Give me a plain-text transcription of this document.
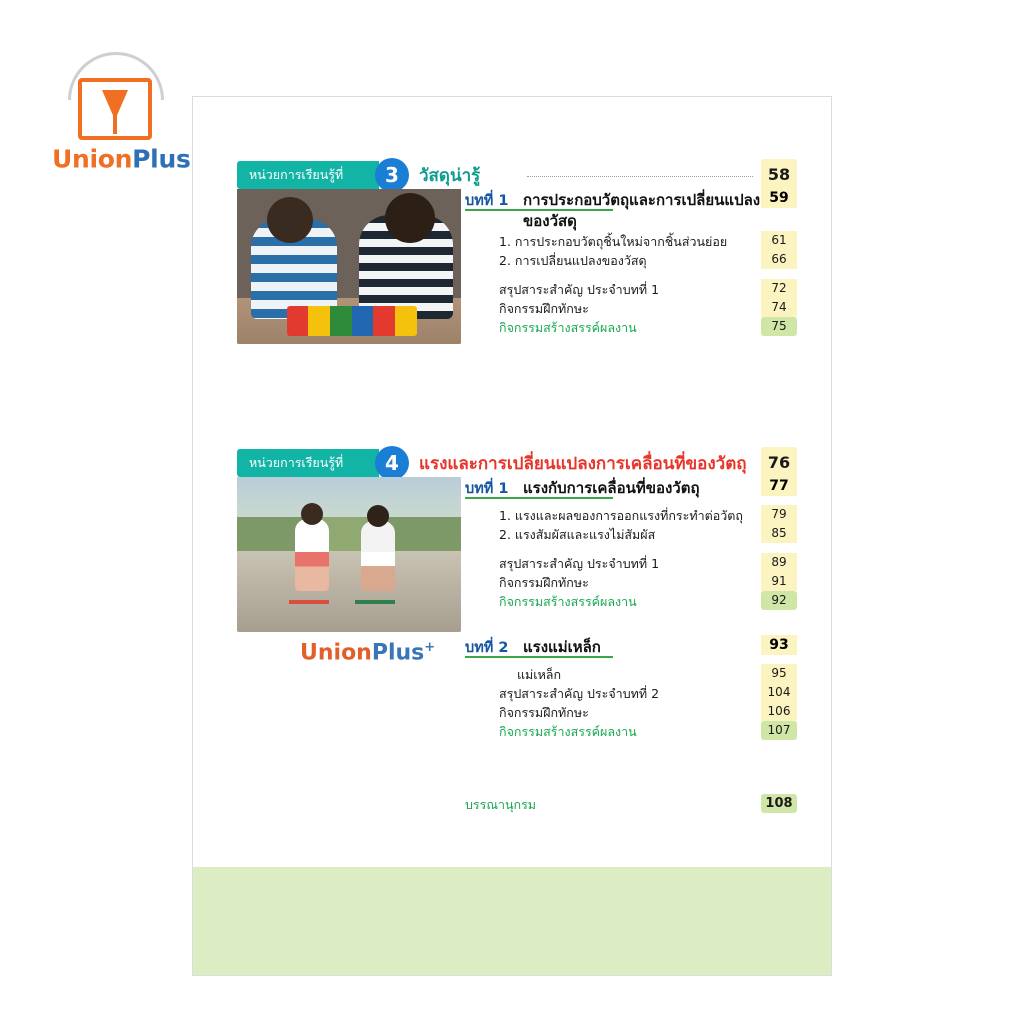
UnionPlus
หน่วยการเรียนรู้ที่	3	วัสดุน่ารู้	58
บทที่ 1 การประกอบวัตถุและการเปลี่ยนแปลง 59
ของวัสดุ
1. การประกอบวัตถุชิ้นใหม่จากชิ้นส่วนย่อย	61
2. การเปลี่ยนแปลงของวัสดุ	66
สรุปสาระสำคัญ ประจำบทที่ 1	72
กิจกรรมฝึกทักษะ	74
กิจกรรมสร้างสรรค์ผลงาน	75
หน่วยการเรียนรู้ที่	4	แรงและการเปลี่ยนแปลงการเคลื่อนที่ของวัตถุ	76
บทที่ 1 แรงกับการเคลื่อนที่ของวัตถุ	77
1. แรงและผลของการออกแรงที่กระทำต่อวัตถุ	79
2. แรงสัมผัสและแรงไม่สัมผัส	85
สรุปสาระสำคัญ ประจำบทที่ 1	89
กิจกรรมฝึกทักษะ	91
กิจกรรมสร้างสรรค์ผลงาน	92
บทที่ 2 แรงแม่เหล็ก	93
แม่เหล็ก	95
สรุปสาระสำคัญ ประจำบทที่ 2	104
กิจกรรมฝึกทักษะ	106
กิจกรรมสร้างสรรค์ผลงาน	107
บรรณานุกรม	108
UnionPlus+
